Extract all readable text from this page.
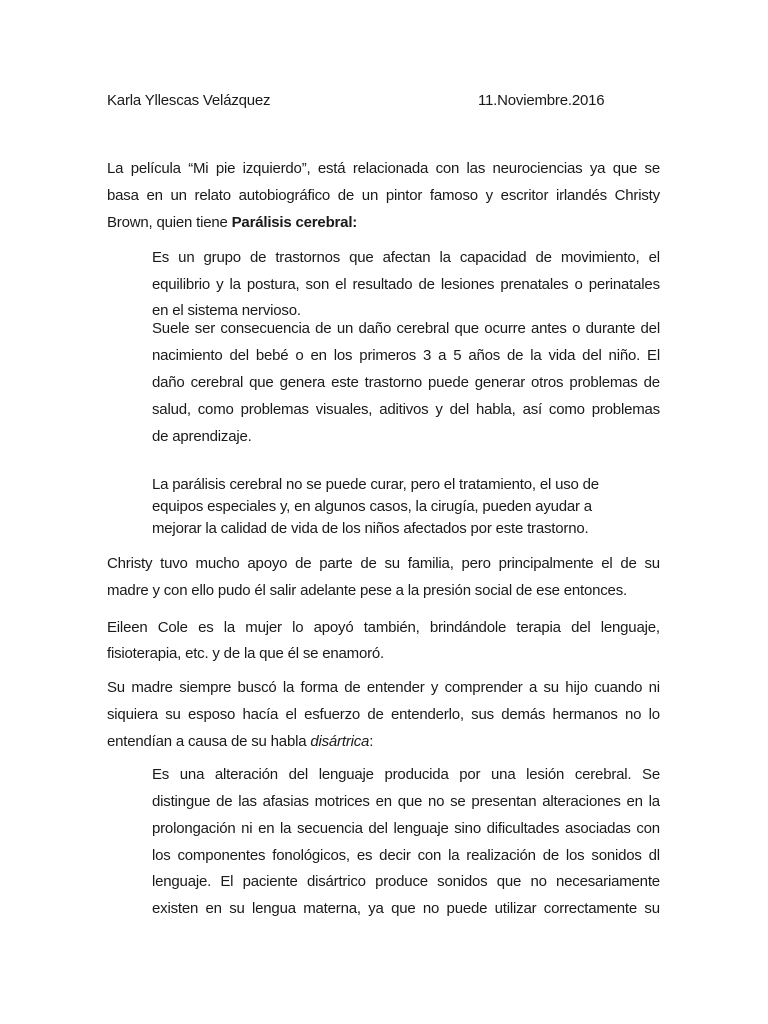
Karla Yllescas Velázquez	11.Noviembre.2016
La película “Mi pie izquierdo”, está relacionada con las neurociencias ya que se
basa en un relato autobiográfico de un pintor famoso y escritor irlandés Christy
Brown, quien tiene Parálisis cerebral:
Es un grupo de trastornos que afectan la capacidad de movimiento, el
equilibrio y la postura, son el resultado de lesiones prenatales o perinatales
en el sistema nervioso.
Suele ser consecuencia de un daño cerebral que ocurre antes o durante del
nacimiento del bebé o en los primeros 3 a 5 años de la vida del niño. El
daño cerebral que genera este trastorno puede generar otros problemas de
salud, como problemas visuales, aditivos y del habla, así como problemas
de aprendizaje.
La parálisis cerebral no se puede curar, pero el tratamiento, el uso de
equipos especiales y, en algunos casos, la cirugía, pueden ayudar a
mejorar la calidad de vida de los niños afectados por este trastorno.
Christy tuvo mucho apoyo de parte de su familia, pero principalmente el de su
madre y con ello pudo él salir adelante pese a la presión social de ese entonces.
Eileen Cole es la mujer lo apoyó también, brindándole terapia del lenguaje,
fisioterapia, etc. y de la que él se enamoró.
Su madre siempre buscó la forma de entender y comprender a su hijo cuando ni
siquiera su esposo hacía el esfuerzo de entenderlo, sus demás hermanos no lo
entendían a causa de su habla disártrica:
Es una alteración del lenguaje producida por una lesión cerebral. Se
distingue de las afasias motrices en que no se presentan alteraciones en la
prolongación ni en la secuencia del lenguaje sino dificultades asociadas con
los componentes fonológicos, es decir con la realización de los sonidos dl
lenguaje. El paciente disártrico produce sonidos que no necesariamente
existen en su lengua materna, ya que no puede utilizar correctamente su
